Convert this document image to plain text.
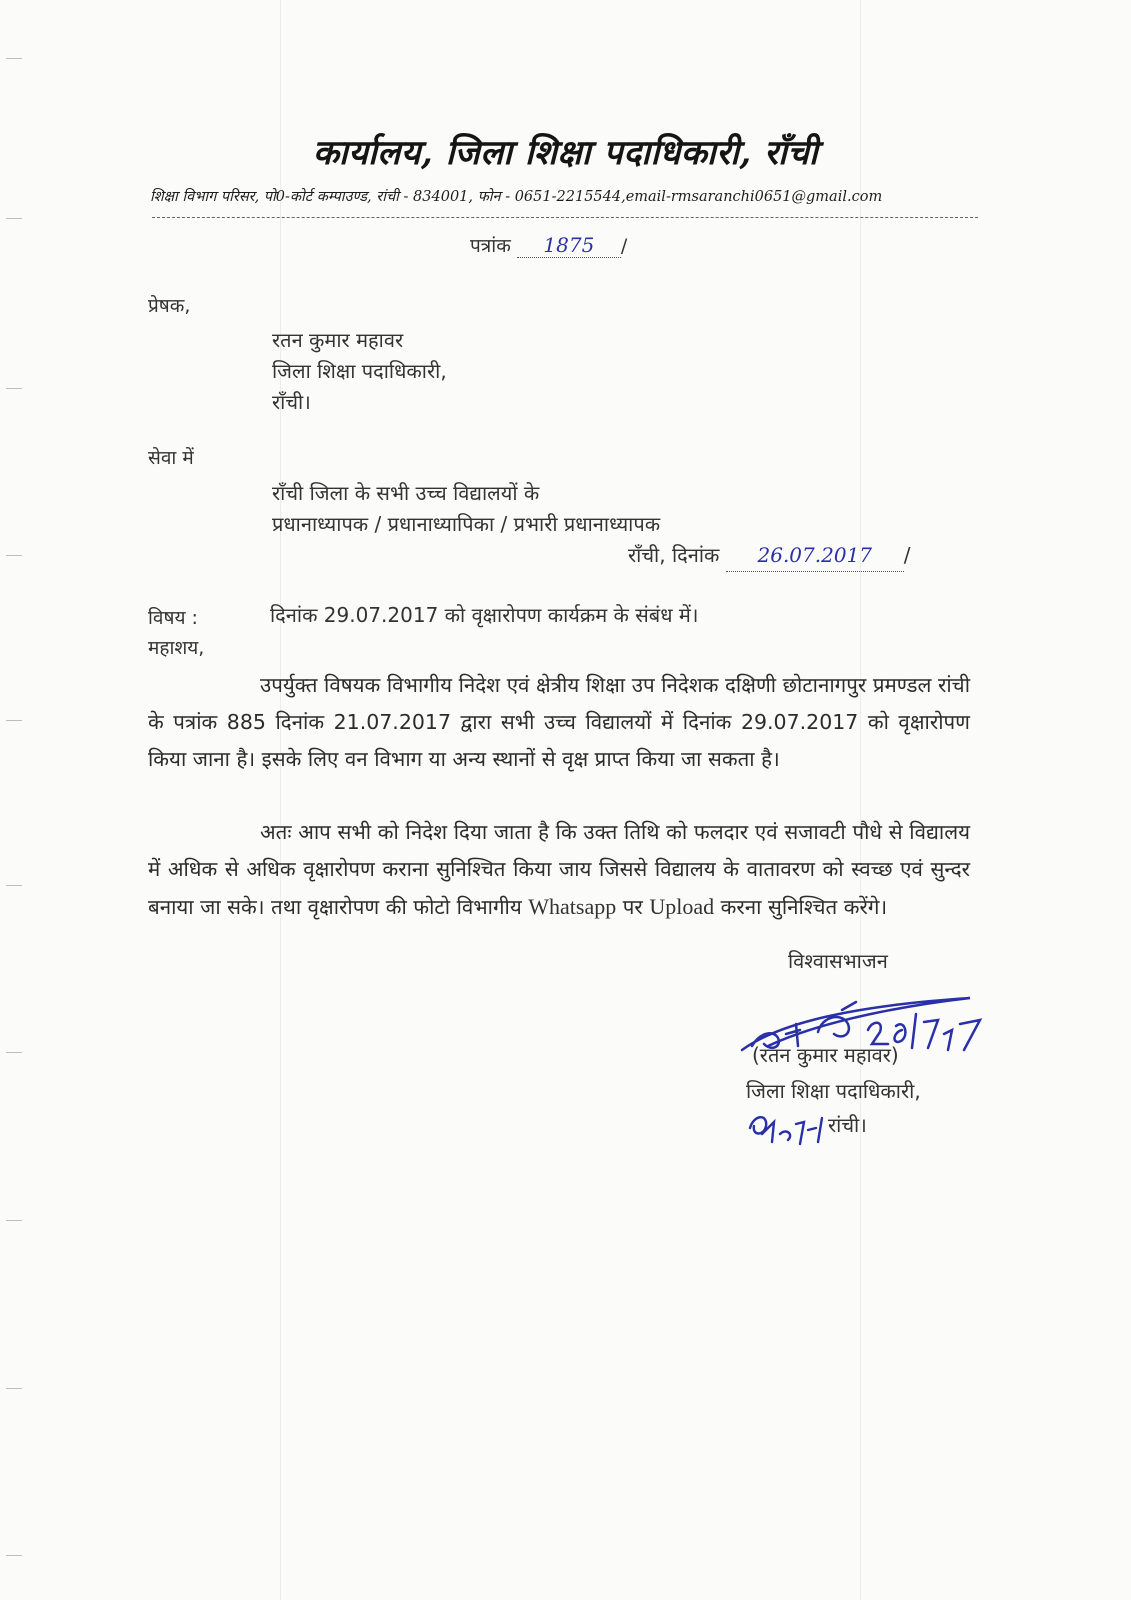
कार्यालय, जिला शिक्षा पदाधिकारी, राँची
शिक्षा विभाग परिसर, पो0-कोर्ट कम्पाउण्ड, रांची - 834001, फोन - 0651-2215544,email-rmsaranchi0651@gmail.com
पत्रांक 1875 /
प्रेषक,
रतन कुमार महावर
जिला शिक्षा पदाधिकारी,
राँची।
सेवा में
राँची जिला के सभी उच्च विद्यालयों के
प्रधानाध्यापक / प्रधानाध्यापिका / प्रभारी प्रधानाध्यापक
राँची, दिनांक 26.07.2017 /
विषय :	दिनांक 29.07.2017 को वृक्षारोपण कार्यक्रम के संबंध में।
महाशय,

उपर्युक्त विषयक विभागीय निदेश एवं क्षेत्रीय शिक्षा उप निदेशक दक्षिणी छोटानागपुर प्रमण्डल रांची के पत्रांक 885 दिनांक 21.07.2017 द्वारा सभी उच्च विद्यालयों में दिनांक 29.07.2017 को वृक्षारोपण किया जाना है। इसके लिए वन विभाग या अन्य स्थानों से वृक्ष प्राप्त किया जा सकता है।

अतः आप सभी को निदेश दिया जाता है कि उक्त तिथि को फलदार एवं सजावटी पौधे से विद्यालय में अधिक से अधिक वृक्षारोपण कराना सुनिश्चित किया जाय जिससे विद्यालय के वातावरण को स्वच्छ एवं सुन्दर बनाया जा सके। तथा वृक्षारोपण की फोटो विभागीय Whatsapp पर Upload करना सुनिश्चित करेंगे।

विश्वासभाजन
(रतन कुमार महावर)
जिला शिक्षा पदाधिकारी,
रांची।
